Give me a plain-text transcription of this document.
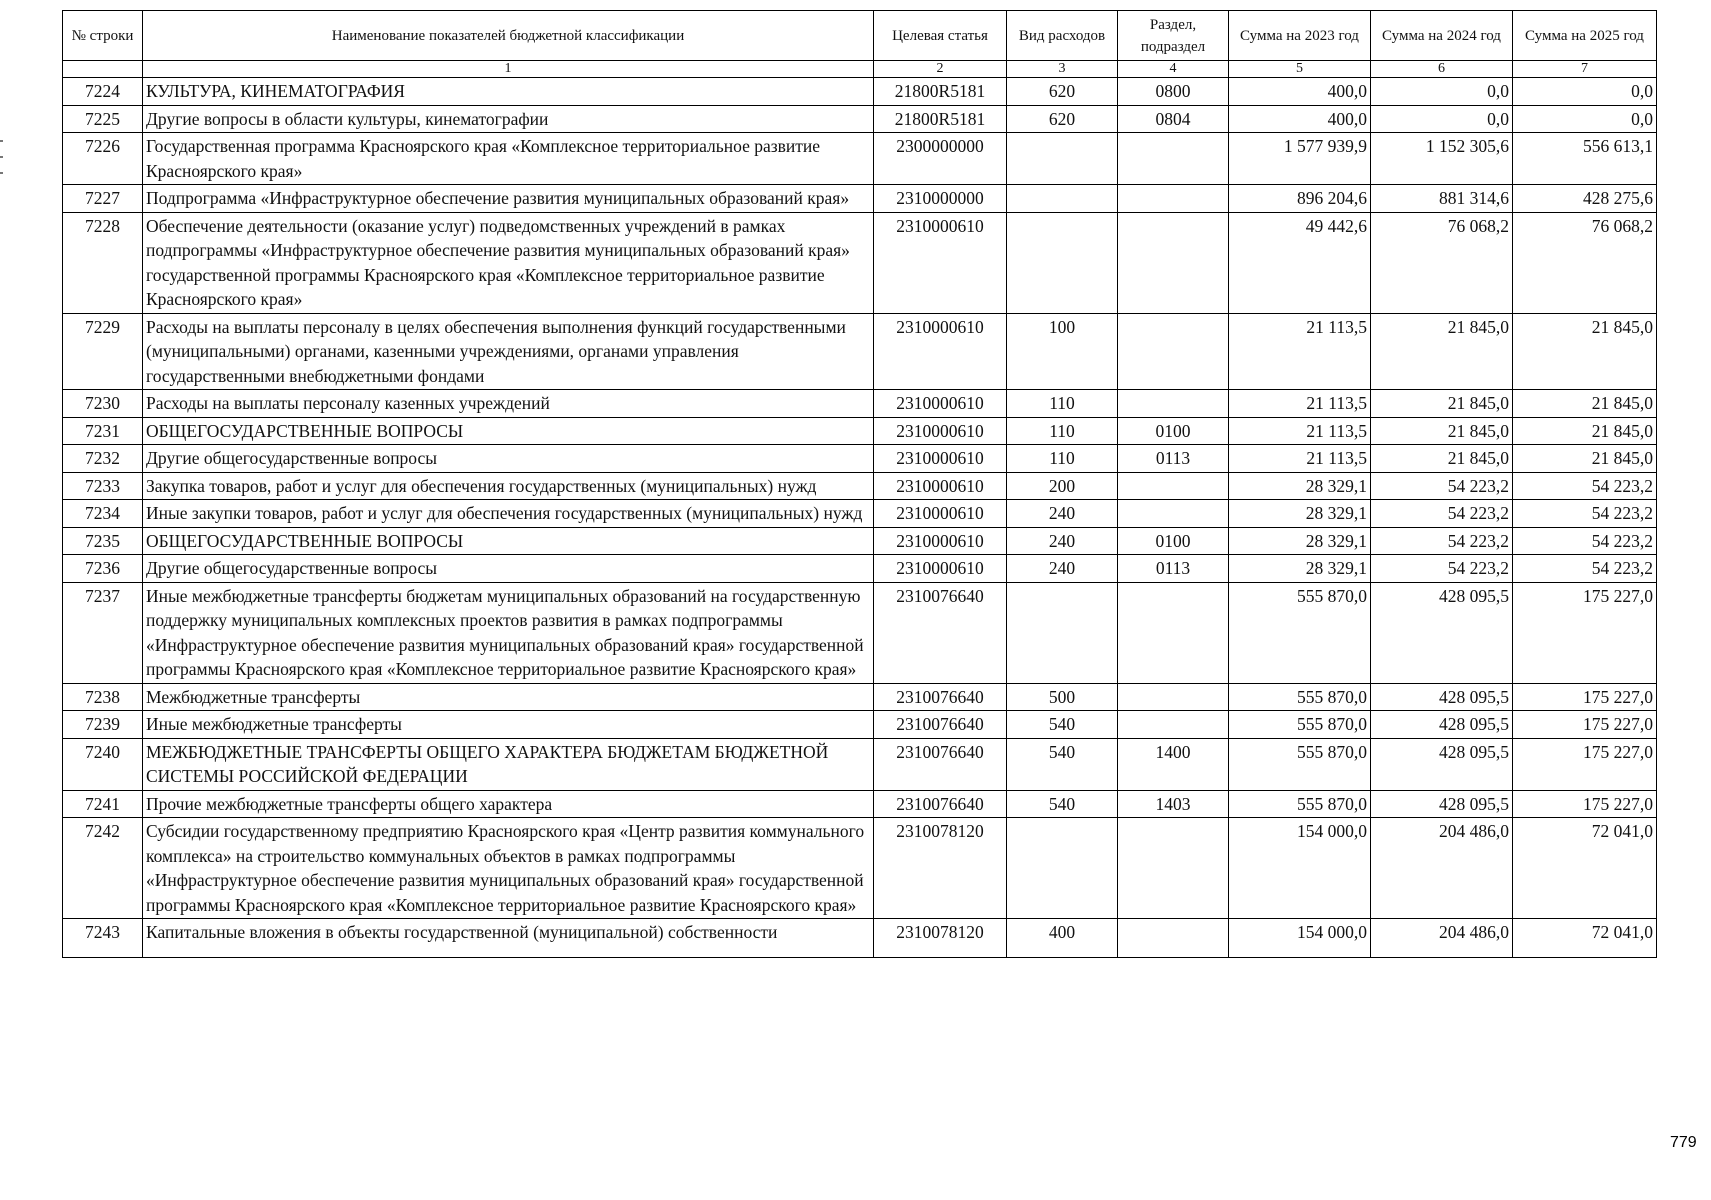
№ строки	Наименование показателей бюджетной классификации	Целевая статья	Вид расходов	Раздел, подраздел	Сумма на 2023 год	Сумма на 2024 год	Сумма на 2025 год
	1	2	3	4	5	6	7
7224	КУЛЬТУРА, КИНЕМАТОГРАФИЯ	21800R5181	620	0800	400,0	0,0	0,0
7225	Другие вопросы в области культуры, кинематографии	21800R5181	620	0804	400,0	0,0	0,0
7226	Государственная программа Красноярского края «Комплексное территориальное развитие Красноярского края»	2300000000			1 577 939,9	1 152 305,6	556 613,1
7227	Подпрограмма «Инфраструктурное обеспечение развития муниципальных образований края»	2310000000			896 204,6	881 314,6	428 275,6
7228	Обеспечение деятельности (оказание услуг) подведомственных учреждений в рамках подпрограммы «Инфраструктурное обеспечение развития муниципальных образований края» государственной программы Красноярского края «Комплексное территориальное развитие Красноярского края»	2310000610			49 442,6	76 068,2	76 068,2
7229	Расходы на выплаты персоналу в целях обеспечения выполнения функций государственными (муниципальными) органами, казенными учреждениями, органами управления государственными внебюджетными фондами	2310000610	100		21 113,5	21 845,0	21 845,0
7230	Расходы на выплаты персоналу казенных учреждений	2310000610	110		21 113,5	21 845,0	21 845,0
7231	ОБЩЕГОСУДАРСТВЕННЫЕ ВОПРОСЫ	2310000610	110	0100	21 113,5	21 845,0	21 845,0
7232	Другие общегосударственные вопросы	2310000610	110	0113	21 113,5	21 845,0	21 845,0
7233	Закупка товаров, работ и услуг для обеспечения государственных (муниципальных) нужд	2310000610	200		28 329,1	54 223,2	54 223,2
7234	Иные закупки товаров, работ и услуг для обеспечения государственных (муниципальных) нужд	2310000610	240		28 329,1	54 223,2	54 223,2
7235	ОБЩЕГОСУДАРСТВЕННЫЕ ВОПРОСЫ	2310000610	240	0100	28 329,1	54 223,2	54 223,2
7236	Другие общегосударственные вопросы	2310000610	240	0113	28 329,1	54 223,2	54 223,2
7237	Иные межбюджетные трансферты бюджетам муниципальных образований на государственную поддержку муниципальных комплексных проектов развития в рамках подпрограммы «Инфраструктурное обеспечение развития муниципальных образований края» государственной программы Красноярского края «Комплексное территориальное развитие Красноярского края»	2310076640			555 870,0	428 095,5	175 227,0
7238	Межбюджетные трансферты	2310076640	500		555 870,0	428 095,5	175 227,0
7239	Иные межбюджетные трансферты	2310076640	540		555 870,0	428 095,5	175 227,0
7240	МЕЖБЮДЖЕТНЫЕ ТРАНСФЕРТЫ ОБЩЕГО ХАРАКТЕРА БЮДЖЕТАМ БЮДЖЕТНОЙ СИСТЕМЫ РОССИЙСКОЙ ФЕДЕРАЦИИ	2310076640	540	1400	555 870,0	428 095,5	175 227,0
7241	Прочие межбюджетные трансферты общего характера	2310076640	540	1403	555 870,0	428 095,5	175 227,0
7242	Субсидии государственному предприятию Красноярского края «Центр развития коммунального комплекса» на строительство коммунальных объектов в рамках подпрограммы «Инфраструктурное обеспечение развития муниципальных образований края» государственной программы Красноярского края «Комплексное территориальное развитие Красноярского края»	2310078120			154 000,0	204 486,0	72 041,0
7243	Капитальные вложения в объекты государственной (муниципальной) собственности	2310078120	400		154 000,0	204 486,0	72 041,0
779
